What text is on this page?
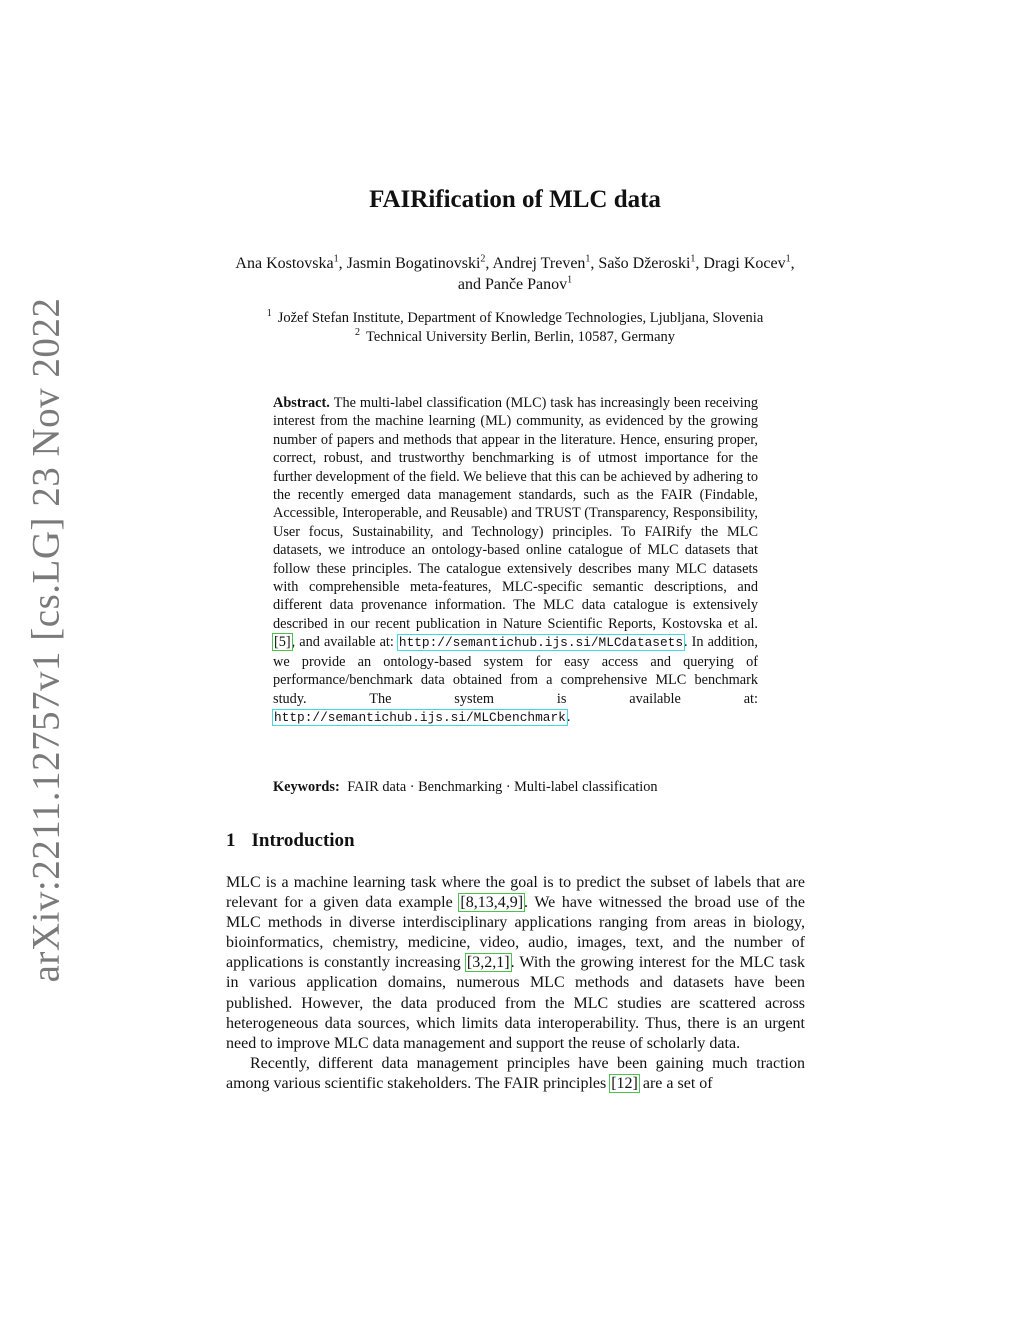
arXiv:2211.12757v1 [cs.LG] 23 Nov 2022
FAIRification of MLC data
Ana Kostovska$^1$, Jasmin Bogatinovski$^2$, Andrej Treven$^1$, Sašo Džeroski$^1$, Dragi Kocev$^1$, and Panče Panov$^1$
$^1$ Jožef Stefan Institute, Department of Knowledge Technologies, Ljubljana, Slovenia
$^2$ Technical University Berlin, Berlin, 10587, Germany

Abstract. The multi-label classification (MLC) task has increasingly been receiving interest from the machine learning (ML) community, as evidenced by the growing number of papers and methods that appear in the literature. Hence, ensuring proper, correct, robust, and trustworthy benchmarking is of utmost importance for the further development of the field. We believe that this can be achieved by adhering to the recently emerged data management standards, such as the FAIR (Findable, Accessible, Interoperable, and Reusable) and TRUST (Transparency, Responsibility, User focus, Sustainability, and Technology) principles. To FAIRify the MLC datasets, we introduce an ontology-based online catalogue of MLC datasets that follow these principles. The catalogue extensively describes many MLC datasets with comprehensible meta-features, MLC-specific semantic descriptions, and different data provenance information. The MLC data catalogue is extensively described in our recent publication in Nature Scientific Reports, Kostovska et al. [5], and available at: http://semantichub.ijs.si/MLCdatasets. In addition, we provide an ontology-based system for easy access and querying of performance/benchmark data obtained from a comprehensive MLC benchmark study. The system is available at: http://semantichub.ijs.si/MLCbenchmark.

Keywords: FAIR data · Benchmarking · Multi-label classification
1 Introduction

MLC is a machine learning task where the goal is to predict the subset of labels that are relevant for a given data example [8,13,4,9]. We have witnessed the broad use of the MLC methods in diverse interdisciplinary applications ranging from areas in biology, bioinformatics, chemistry, medicine, video, audio, images, text, and the number of applications is constantly increasing [3,2,1]. With the growing interest for the MLC task in various application domains, numerous MLC methods and datasets have been published. However, the data produced from the MLC studies are scattered across heterogeneous data sources, which limits data interoperability. Thus, there is an urgent need to improve MLC data management and support the reuse of scholarly data.

Recently, different data management principles have been gaining much traction among various scientific stakeholders. The FAIR principles [12] are a set of
